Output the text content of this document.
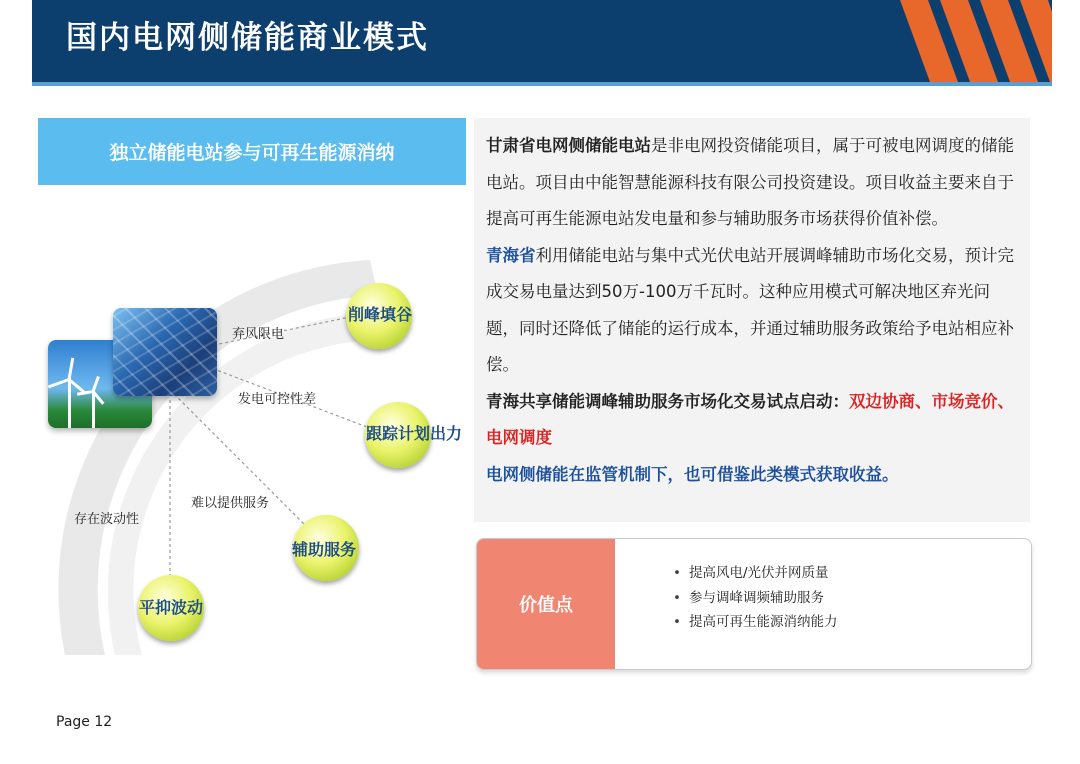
国内电网侧储能商业模式
独立储能电站参与可再生能源消纳
削峰填谷
跟踪计划出力
辅助服务
平抑波动
弃风限电
发电可控性差
难以提供服务
存在波动性

甘肃省电网侧储能电站是非电网投资储能项目，属于可被电网调度的储能电站。项目由中能智慧能源科技有限公司投资建设。项目收益主要来自于提高可再生能源电站发电量和参与辅助服务市场获得价值补偿。

青海省利用储能电站与集中式光伏电站开展调峰辅助市场化交易，预计完成交易电量达到50万-100万千瓦时。这种应用模式可解决地区弃光问题，同时还降低了储能的运行成本，并通过辅助服务政策给予电站相应补偿。

青海共享储能调峰辅助服务市场化交易试点启动：双边协商、市场竞价、电网调度

电网侧储能在监管机制下，也可借鉴此类模式获取收益。

价值点
• 提高风电/光伏并网质量
• 参与调峰调频辅助服务
• 提高可再生能源消纳能力
Page 12
